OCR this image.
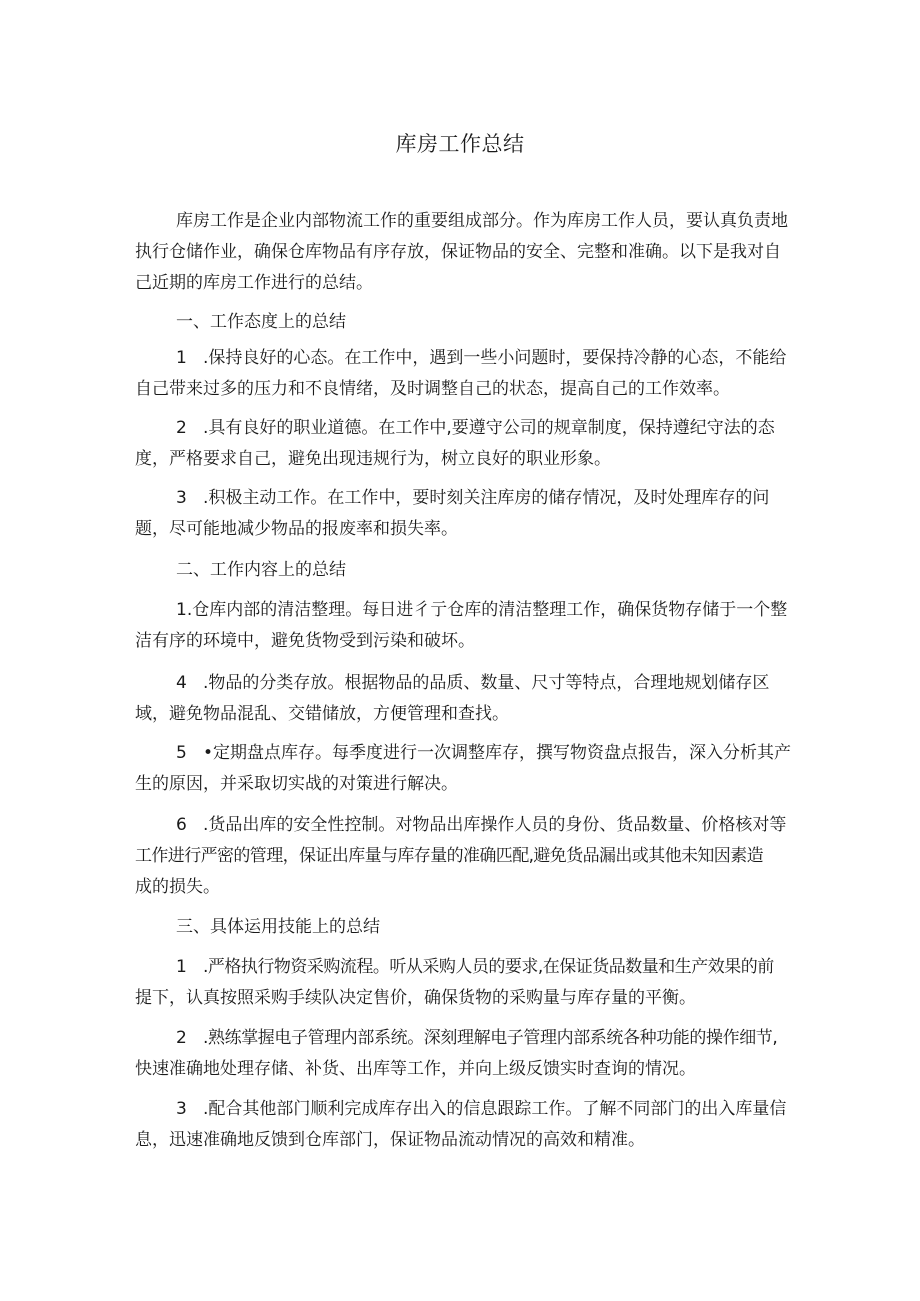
库房工作总结
库房工作是企业内部物流工作的重要组成部分。作为库房工作人员，要认真负责地
执行仓储作业，确保仓库物品有序存放，保证物品的安全、完整和准确。以下是我对自
己近期的库房工作进行的总结。
一、工作态度上的总结
1 .保持良好的心态。在工作中，遇到一些小问题时，要保持冷静的心态，不能给
自己带来过多的压力和不良情绪，及时调整自己的状态，提高自己的工作效率。
2 .具有良好的职业道德。在工作中,要遵守公司的规章制度，保持遵纪守法的态
度，严格要求自己，避免出现违规行为，树立良好的职业形象。
3 .积极主动工作。在工作中，要时刻关注库房的储存情况，及时处理库存的问
题，尽可能地减少物品的报废率和损失率。
二、工作内容上的总结
1.仓库内部的清洁整理。每日进彳亍仓库的清洁整理工作，确保货物存储于一个整
洁有序的环境中，避免货物受到污染和破坏。
4 .物品的分类存放。根据物品的品质、数量、尺寸等特点，合理地规划储存区
域，避免物品混乱、交错储放，方便管理和查找。
5 •定期盘点库存。每季度进行一次调整库存，撰写物资盘点报告，深入分析其产
生的原因，并采取切实战的对策进行解决。
6 .货品出库的安全性控制。对物品出库操作人员的身份、货品数量、价格核对等
工作进行严密的管理，保证出库量与库存量的准确匹配,避免货品漏出或其他未知因素造
成的损失。
三、具体运用技能上的总结
1 .严格执行物资采购流程。听从采购人员的要求,在保证货品数量和生产效果的前
提下，认真按照采购手续队决定售价，确保货物的采购量与库存量的平衡。
2 .熟练掌握电子管理内部系统。深刻理解电子管理内部系统各种功能的操作细节,
快速准确地处理存储、补货、出库等工作，并向上级反馈实时查询的情况。
3 .配合其他部门顺利完成库存出入的信息跟踪工作。了解不同部门的出入库量信
息，迅速准确地反馈到仓库部门，保证物品流动情况的高效和精准。
